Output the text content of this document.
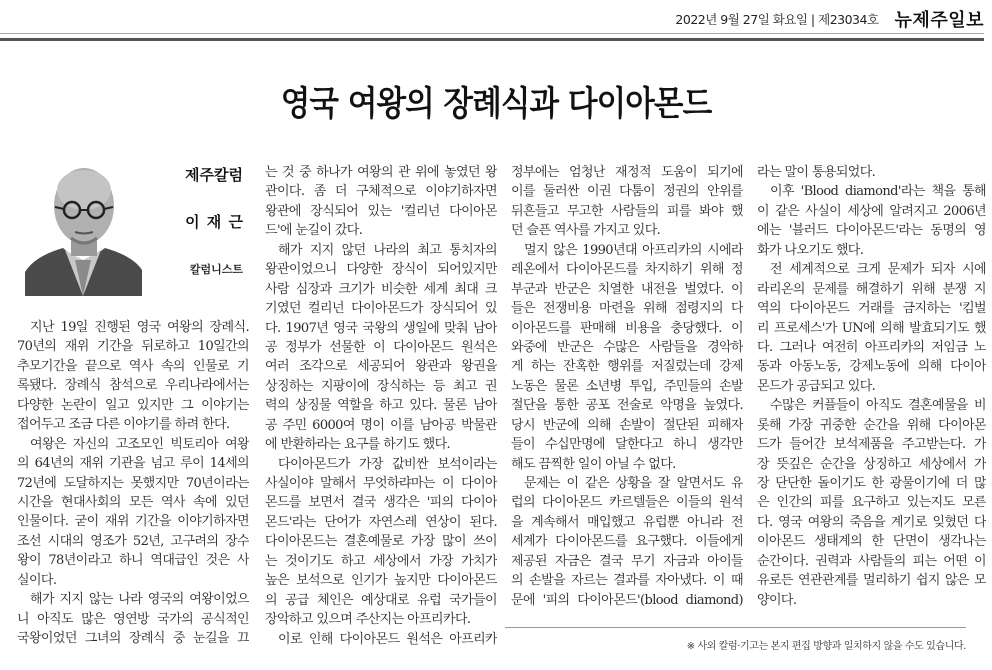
2022년 9월 27일 화요일 | 제23034호 뉴제주일보
영국 여왕의 장례식과 다이아몬드
제주칼럼
이 재 근
칼럼니스트
지난 19일 진행된 영국 여왕의 장례식.
70년의 재위 기간을 뒤로하고 10일간의
추모기간을 끝으로 역사 속의 인물로 기
록됐다. 장례식 참석으로 우리나라에서는
다양한 논란이 일고 있지만 그 이야기는
접어두고 조금 다른 이야기를 하려 한다.
여왕은 자신의 고조모인 빅토리아 여왕
의 64년의 재위 기관을 넘고 루이 14세의
72년에 도달하지는 못했지만 70년이라는
시간을 현대사회의 모든 역사 속에 있던
인물이다. 굳이 재위 기간을 이야기하자면
조선 시대의 영조가 52년, 고구려의 장수
왕이 78년이라고 하니 역대급인 것은 사
실이다.
해가 지지 않는 나라 영국의 여왕이었으
니 아직도 많은 영연방 국가의 공식적인
국왕이었던 그녀의 장례식 중 눈길을 끄
는 것 중 하나가 여왕의 관 위에 놓였던 왕
관이다. 좀 더 구체적으로 이야기하자면
왕관에 장식되어 있는 '컬리넌 다이아몬
드'에 눈길이 갔다.
해가 지지 않던 나라의 최고 통치자의
왕관이었으니 다양한 장식이 되어있지만
사람 심장과 크기가 비슷한 세계 최대 크
기였던 컬리넌 다이아몬드가 장식되어 있
다. 1907년 영국 국왕의 생일에 맞춰 남아
공 정부가 선물한 이 다이아몬드 원석은
여러 조각으로 세공되어 왕관과 왕권을
상징하는 지팡이에 장식하는 등 최고 권
력의 상징물 역할을 하고 있다. 물론 남아
공 주민 6000여 명이 이를 남아공 박물관
에 반환하라는 요구를 하기도 했다.
다이아몬드가 가장 값비싼 보석이라는
사실이야 말해서 무엇하랴마는 이 다이아
몬드를 보면서 결국 생각은 '피의 다이아
몬드'라는 단어가 자연스레 연상이 된다.
다이아몬드는 결혼예물로 가장 많이 쓰이
는 것이기도 하고 세상에서 가장 가치가
높은 보석으로 인기가 높지만 다이아몬드
의 공급 체인은 예상대로 유럽 국가들이
장악하고 있으며 주산지는 아프리카다.
이로 인해 다이아몬드 원석은 아프리카
정부에는 엄청난 재정적 도움이 되기에
이를 둘러싼 이권 다툼이 정권의 안위를
뒤흔들고 무고한 사람들의 피를 봐야 했
던 슬픈 역사를 가지고 있다.
멀지 않은 1990년대 아프리카의 시에라
레온에서 다이아몬드를 차지하기 위해 정
부군과 반군은 치열한 내전을 벌였다. 이
들은 전쟁비용 마련을 위해 점령지의 다
이아몬드를 판매해 비용을 충당했다. 이
와중에 반군은 수많은 사람들을 경악하
게 하는 잔혹한 행위를 저질렀는데 강제
노동은 물론 소년병 투입, 주민들의 손발
절단을 통한 공포 전술로 악명을 높였다.
당시 반군에 의해 손발이 절단된 피해자
들이 수십만명에 달한다고 하니 생각만
해도 끔찍한 일이 아닐 수 없다.
문제는 이 같은 상황을 잘 알면서도 유
럽의 다이아몬드 카르텔들은 이들의 원석
을 계속해서 매입했고 유럽뿐 아니라 전
세계가 다이아몬드를 요구했다. 이들에게
제공된 자금은 결국 무기 자금과 아이들
의 손발을 자르는 결과를 자아냈다. 이 때
문에 '피의 다이아몬드'(blood diamond)
라는 말이 통용되었다.
이후 'Blood diamond'라는 책을 통해
이 같은 사실이 세상에 알려지고 2006년
에는 '블러드 다이아몬드'라는 동명의 영
화가 나오기도 했다.
전 세계적으로 크게 문제가 되자 시에
라리온의 문제를 해결하기 위해 분쟁 지
역의 다이아몬드 거래를 금지하는 '킴벌
리 프로세스'가 UN에 의해 발효되기도 했
다. 그러나 여전히 아프리카의 저임금 노
동과 아동노동, 강제노동에 의해 다이아
몬드가 공급되고 있다.
수많은 커플들이 아직도 결혼예물을 비
롯해 가장 귀중한 순간을 위해 다이아몬
드가 들어간 보석제품을 주고받는다. 가
장 뜻깊은 순간을 상징하고 세상에서 가
장 단단한 돌이기도 한 광물이기에 더 많
은 인간의 피를 요구하고 있는지도 모른
다. 영국 여왕의 죽음을 계기로 잊혔던 다
이아몬드 생태계의 한 단면이 생각나는
순간이다. 권력과 사람들의 피는 어떤 이
유로든 연관관계를 멀리하기 쉽지 않은 모
양이다.
※ 사외 칼럼·기고는 본지 편집 방향과 일치하지 않을 수도 있습니다.
